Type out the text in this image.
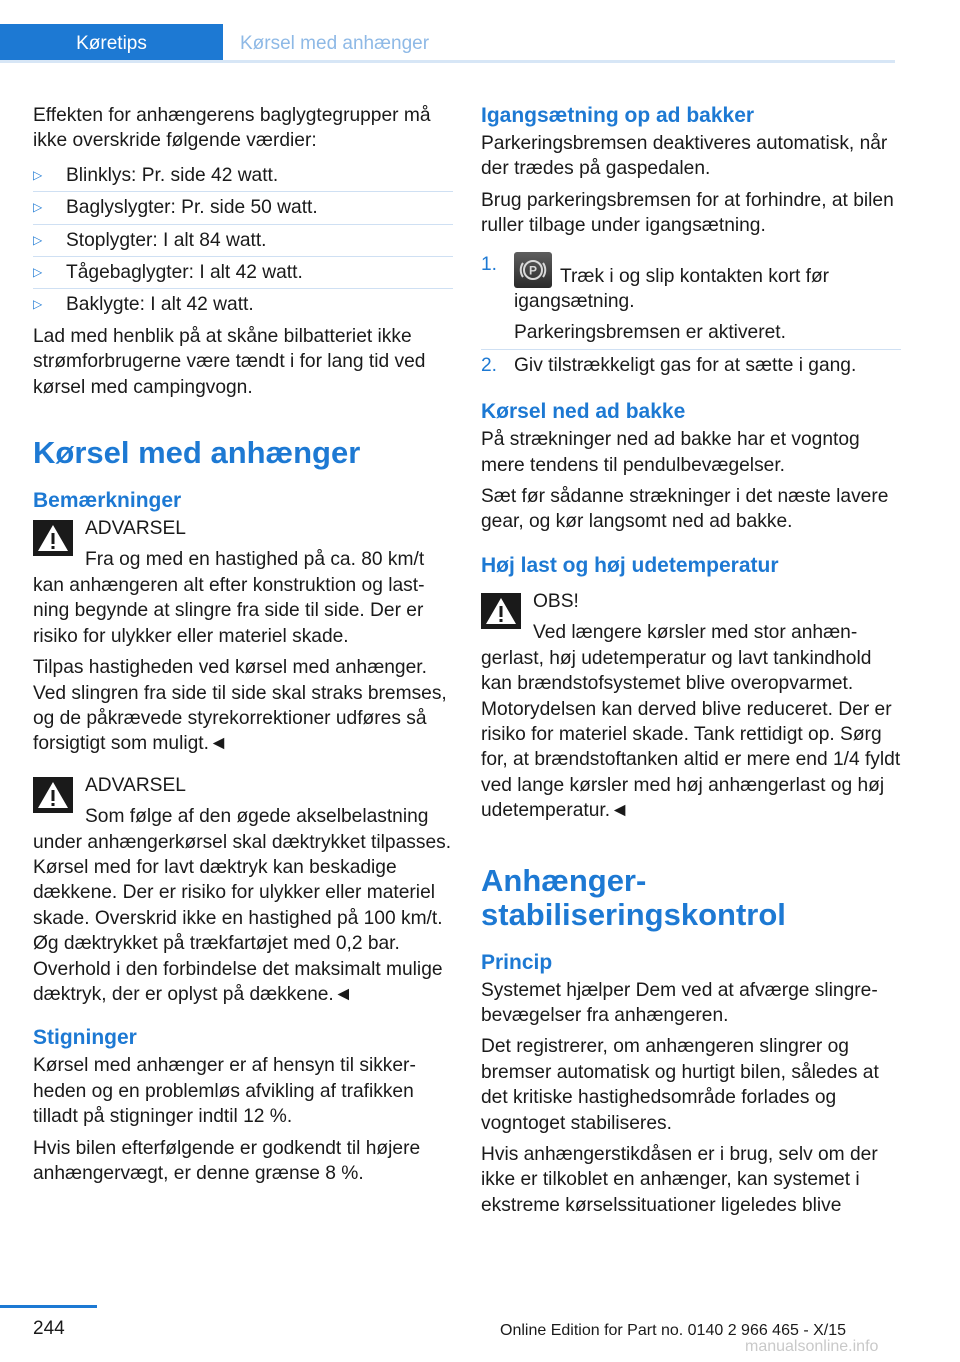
Køretips	Kørsel med anhænger

Effekten for anhængerens baglygtegrupper må ikke overskride følgende værdier:

▷ Blinklys: Pr. side 42 watt.
▷ Baglyslygter: Pr. side 50 watt.
▷ Stoplygter: I alt 84 watt.
▷ Tågebaglygter: I alt 42 watt.
▷ Baklygte: I alt 42 watt.

Lad med henblik på at skåne bilbatteriet ikke strømforbrugerne være tændt i for lang tid ved kørsel med campingvogn.

Kørsel med anhænger
Bemærkninger

ADVARSEL

Fra og med en hastighed på ca. 80 km/t kan anhængeren alt efter konstruktion og lastning begynde at slingre fra side til side. Der er risiko for ulykker eller materiel skade.

Tilpas hastigheden ved kørsel med anhænger. Ved slingren fra side til side skal straks bremses, og de påkrævede styrekorrektioner udføres så forsigtigt som muligt.◄

ADVARSEL

Som følge af den øgede akselbelastning under anhængerkørsel skal dæktrykket tilpasses. Kørsel med for lavt dæktryk kan beskadige dækkene. Der er risiko for ulykker eller materiel skade. Overskrid ikke en hastighed på 100 km/t. Øg dæktrykket på trækfartøjet med 0,2 bar. Overhold i den forbindelse det maksimalt mulige dæktryk, der er oplyst på dækkene.◄

Stigninger

Kørsel med anhænger er af hensyn til sikkerheden og en problemløs afvikling af trafikken tilladt på stigninger indtil 12 %.

Hvis bilen efterfølgende er godkendt til højere anhængervægt, er denne grænse 8 %.

Igangsætning op ad bakker

Parkeringsbremsen deaktiveres automatisk, når der trædes på gaspedalen.

Brug parkeringsbremsen for at forhindre, at bilen ruller tilbage under igangsætning.

1.	P Træk i og slip kontakten kort før igangsætning.

Parkeringsbremsen er aktiveret.

2. Giv tilstrækkeligt gas for at sætte i gang.
Kørsel ned ad bakke

På strækninger ned ad bakke har et vogntog mere tendens til pendulbevægelser.

Sæt før sådanne strækninger i det næste lavere gear, og kør langsomt ned ad bakke.

Høj last og høj udetemperatur

OBS!

Ved længere kørsler med stor anhængerlast, høj udetemperatur og lavt tankindhold kan brændstofsystemet blive overopvarmet. Motorydelsen kan derved blive reduceret. Der er risiko for materiel skade. Tank rettidigt op. Sørg for, at brændstoftanken altid er mere end 1/4 fyldt ved lange kørsler med høj anhængerlast og høj udetemperatur.◄

Anhænger-stabiliseringskontrol
Princip

Systemet hjælper Dem ved at afværge slingrebevægelser fra anhængeren.

Det registrerer, om anhængeren slingrer og bremser automatisk og hurtigt bilen, således at det kritiske hastighedsområde forlades og vogntoget stabiliseres.

Hvis anhængerstikdåsen er i brug, selv om der ikke er tilkoblet en anhænger, kan systemet i ekstreme kørselssituationer ligeledes blive

244	Online Edition for Part no. 0140 2 966 465 - X/15
manualsonline.info
